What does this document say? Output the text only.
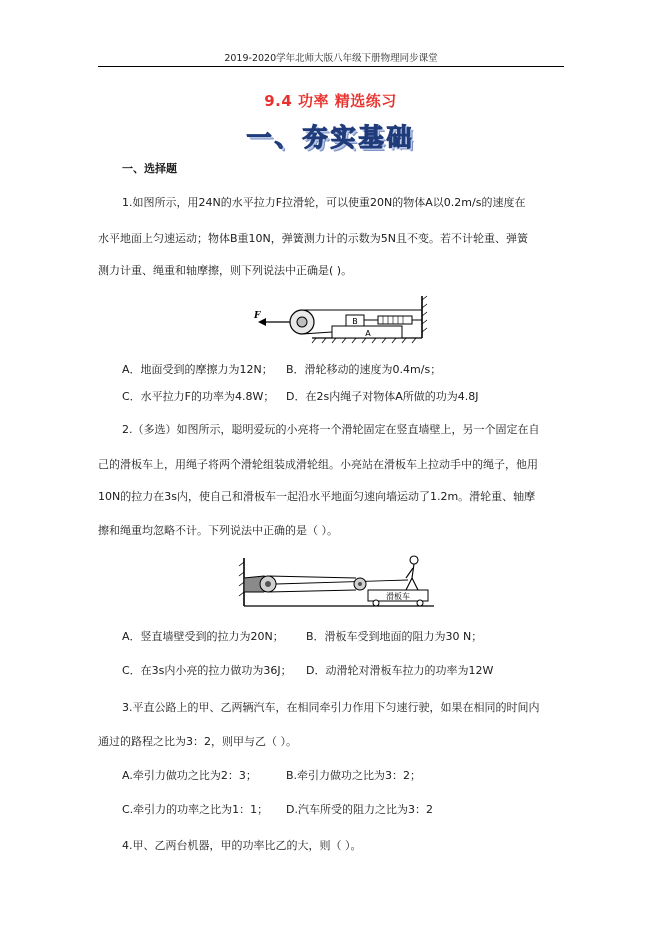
2019-2020学年北师大版八年级下册物理同步课堂
9.4 功率 精选练习
一、夯实基础
一、选择题
1.如图所示，用24N的水平拉力F拉滑轮，可以使重20N的物体A以0.2m/s的速度在
水平地面上匀速运动；物体B重10N，弹簧测力计的示数为5N且不变。若不计轮重、弹簧
测力计重、绳重和轴摩擦，则下列说法中正确是( )。
A
B
F
A．地面受到的摩擦力为12N； B．滑轮移动的速度为0.4m/s；
C．水平拉力F的功率为4.8W； D．在2s内绳子对物体A所做的功为4.8J
2.（多选）如图所示，聪明爱玩的小亮将一个滑轮固定在竖直墙壁上，另一个固定在自
己的滑板车上，用绳子将两个滑轮组装成滑轮组。小亮站在滑板车上拉动手中的绳子，他用
10N的拉力在3s内，使自己和滑板车一起沿水平地面匀速向墙运动了1.2m。滑轮重、轴摩
擦和绳重均忽略不计。下列说法中正确的是（ ）。
滑板车
A．竖直墙壁受到的拉力为20N； B．滑板车受到地面的阻力为30 N；
C．在3s内小亮的拉力做功为36J； D．动滑轮对滑板车拉力的功率为12W
3.平直公路上的甲、乙两辆汽车，在相同牵引力作用下匀速行驶，如果在相同的时间内
通过的路程之比为3：2，则甲与乙（ ）。
A.牵引力做功之比为2：3；	B.牵引力做功之比为3：2；
C.牵引力的功率之比为1：1； D.汽车所受的阻力之比为3：2
4.甲、乙两台机器，甲的功率比乙的大，则（ ）。
